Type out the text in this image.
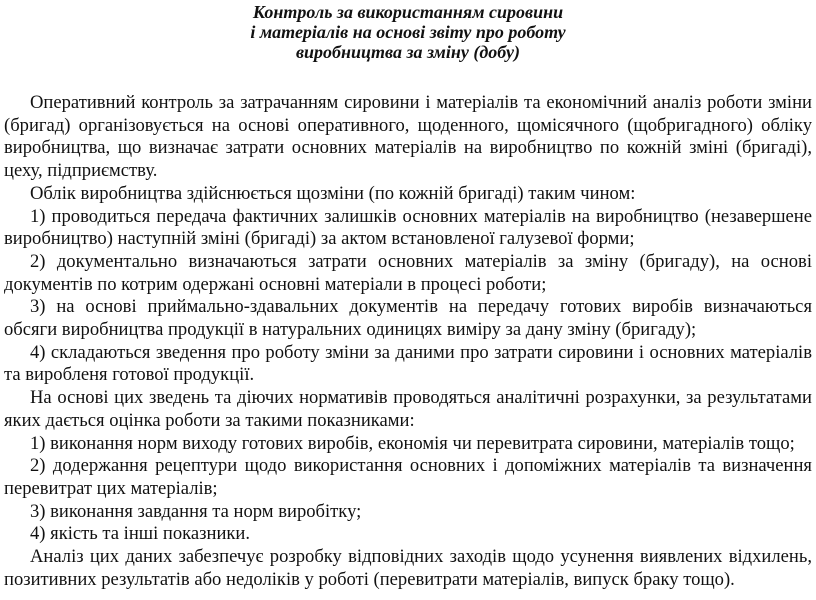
Контроль за використанням сировини
і матеріалів на основі звіту про роботу
виробництва за зміну (добу)

Оперативний контроль за затрачанням сировини і матеріалів та економічний аналіз роботи зміни (бригад) організовується на основі оперативного, щоденного, щомісячного (щобригадного) обліку виробництва, що визначає затрати основних матеріалів на виробництво по кожній зміні (бригаді), цеху, підприємству.

Облік виробництва здійснюється щозміни (по кожній бригаді) таким чином:

1) проводиться передача фактичних залишків основних матеріалів на виробництво (незавершене виробництво) наступній зміні (бригаді) за актом встановленої галузевої форми;

2) документально визначаються затрати основних матеріалів за зміну (бригаду), на основі документів по котрим одержані основні матеріали в процесі роботи;

3) на основі приймально-здавальних документів на передачу готових виробів визначаються обсяги виробництва продукції в натуральних одиницях виміру за дану зміну (бригаду);

4) складаються зведення про роботу зміни за даними про затрати сировини і основних матеріалів та виробленя готової продукції.

На основі цих зведень та діючих нормативів проводяться аналітичні розрахунки, за результатами яких дається оцінка роботи за такими показниками:

1) виконання норм виходу готових виробів, економія чи перевитрата сировини, матеріалів тощо;

2) додержання рецептури щодо використання основних і допоміжних матеріалів та визначення перевитрат цих матеріалів;

3) виконання завдання та норм виробітку;

4) якість та інші показники.

Аналіз цих даних забезпечує розробку відповідних заходів щодо усунення виявлених відхилень, позитивних результатів або недоліків у роботі (перевитрати матеріалів, випуск браку тощо).
